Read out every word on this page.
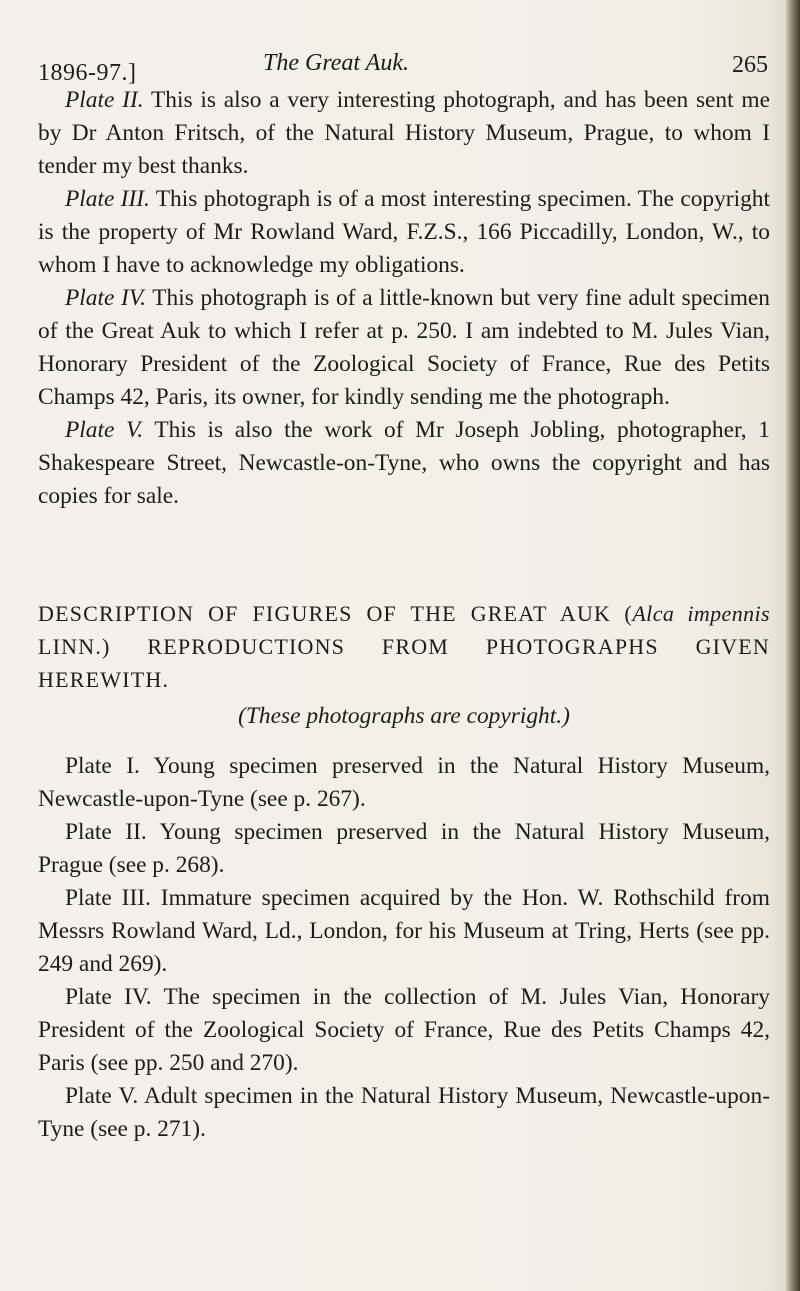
1896-97.]	The Great Auk.	265

Plate II. This is also a very interesting photograph, and has been sent me by Dr Anton Fritsch, of the Natural History Museum, Prague, to whom I tender my best thanks.

Plate III. This photograph is of a most interesting specimen. The copyright is the property of Mr Rowland Ward, F.Z.S., 166 Piccadilly, London, W., to whom I have to acknowledge my obligations.

Plate IV. This photograph is of a little-known but very fine adult specimen of the Great Auk to which I refer at p. 250. I am indebted to M. Jules Vian, Honorary President of the Zoological Society of France, Rue des Petits Champs 42, Paris, its owner, for kindly sending me the photograph.

Plate V. This is also the work of Mr Joseph Jobling, photographer, 1 Shakespeare Street, Newcastle-on-Tyne, who owns the copyright and has copies for sale.

DESCRIPTION OF FIGURES OF THE GREAT AUK (Alca impennis LINN.) REPRODUCTIONS FROM PHOTOGRAPHS GIVEN HEREWITH.
(These photographs are copyright.)

Plate I. Young specimen preserved in the Natural History Museum, Newcastle-upon-Tyne (see p. 267).

Plate II. Young specimen preserved in the Natural History Museum, Prague (see p. 268).

Plate III. Immature specimen acquired by the Hon. W. Rothschild from Messrs Rowland Ward, Ld., London, for his Museum at Tring, Herts (see pp. 249 and 269).

Plate IV. The specimen in the collection of M. Jules Vian, Honorary President of the Zoological Society of France, Rue des Petits Champs 42, Paris (see pp. 250 and 270).

Plate V. Adult specimen in the Natural History Museum, Newcastle-upon-Tyne (see p. 271).
